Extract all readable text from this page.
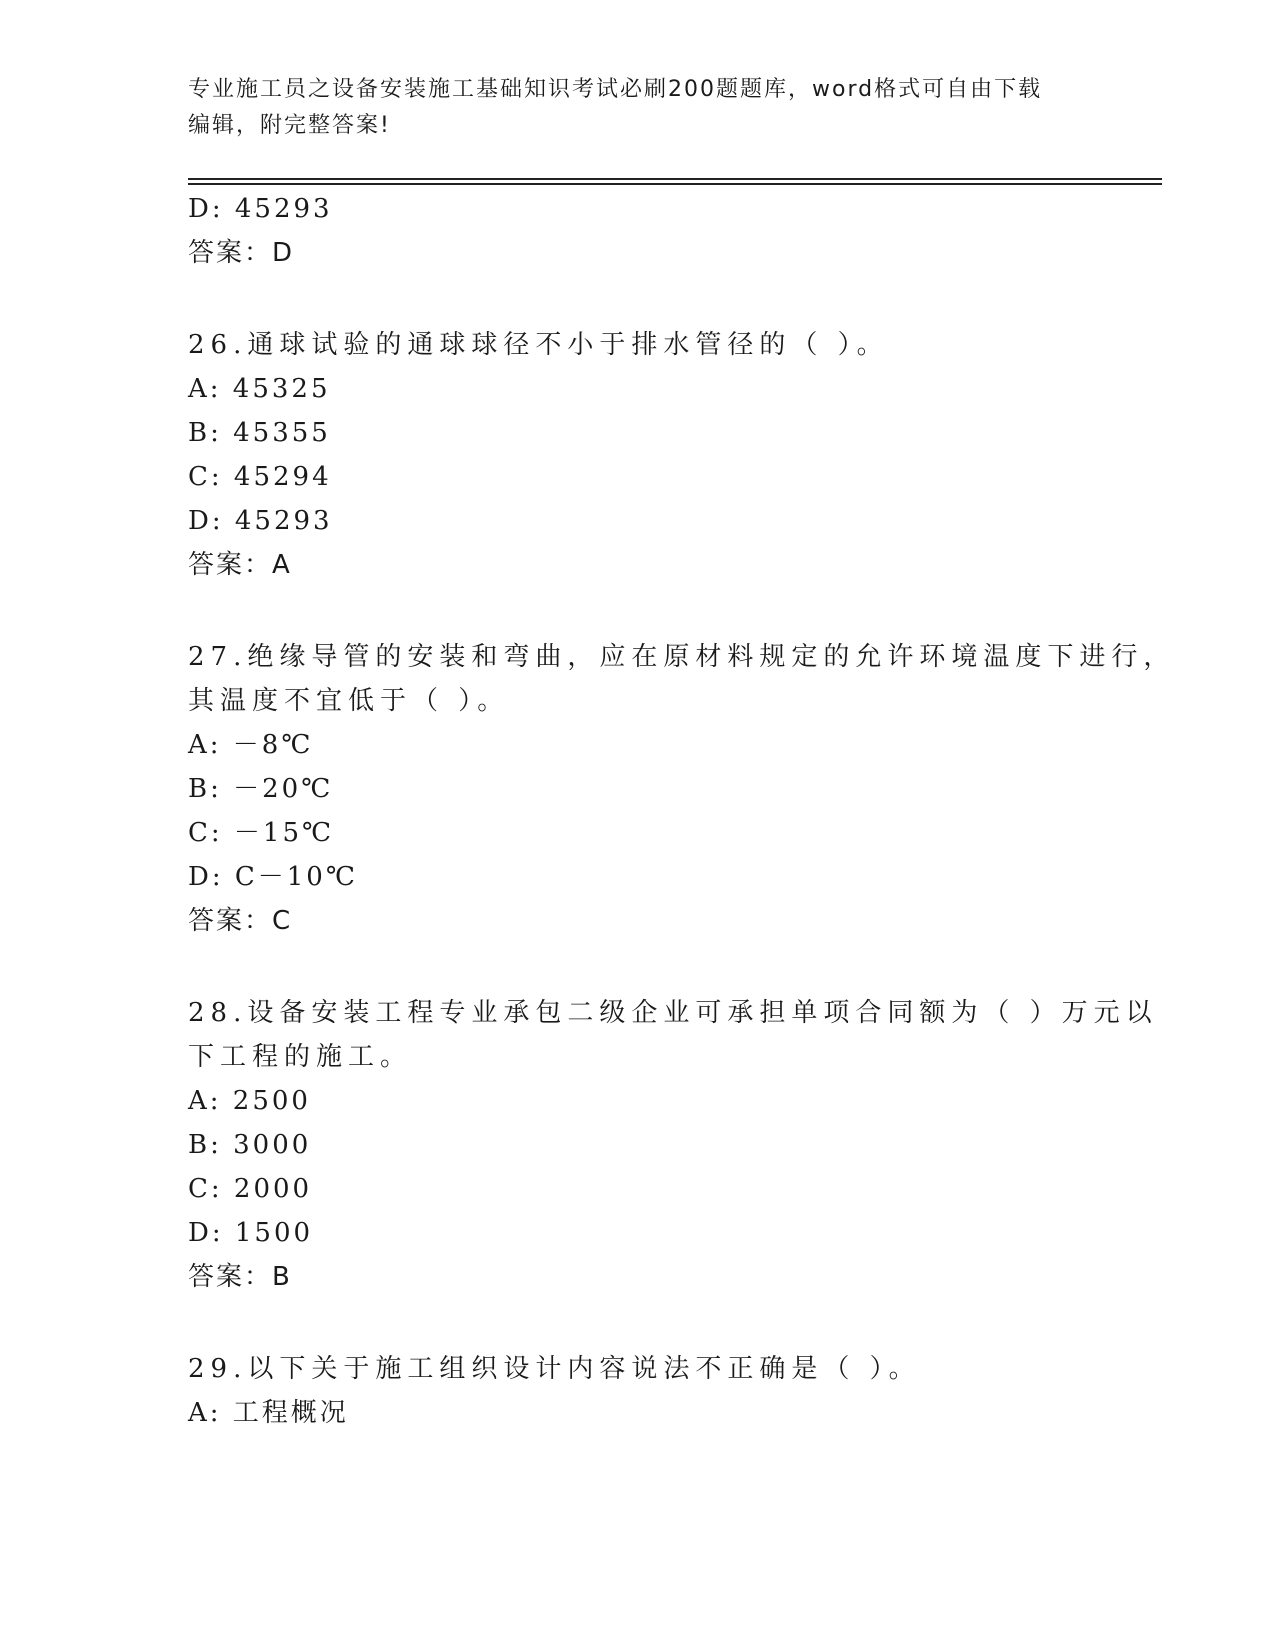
专业施工员之设备安装施工基础知识考试必刷200题题库，word格式可自由下载
编辑，附完整答案!
D: 45293
答案：D
26.通球试验的通球球径不小于排水管径的（ ）。
A: 45325
B: 45355
C: 45294
D: 45293
答案：A
27.绝缘导管的安装和弯曲，应在原材料规定的允许环境温度下进行，
其温度不宜低于（ ）。
A: －8℃
B: －20℃
C: －15℃
D: C－10℃
答案：C
28.设备安装工程专业承包二级企业可承担单项合同额为（ ）万元以
下工程的施工。
A: 2500
B: 3000
C: 2000
D: 1500
答案：B
29.以下关于施工组织设计内容说法不正确是（ ）。
A: 工程概况
